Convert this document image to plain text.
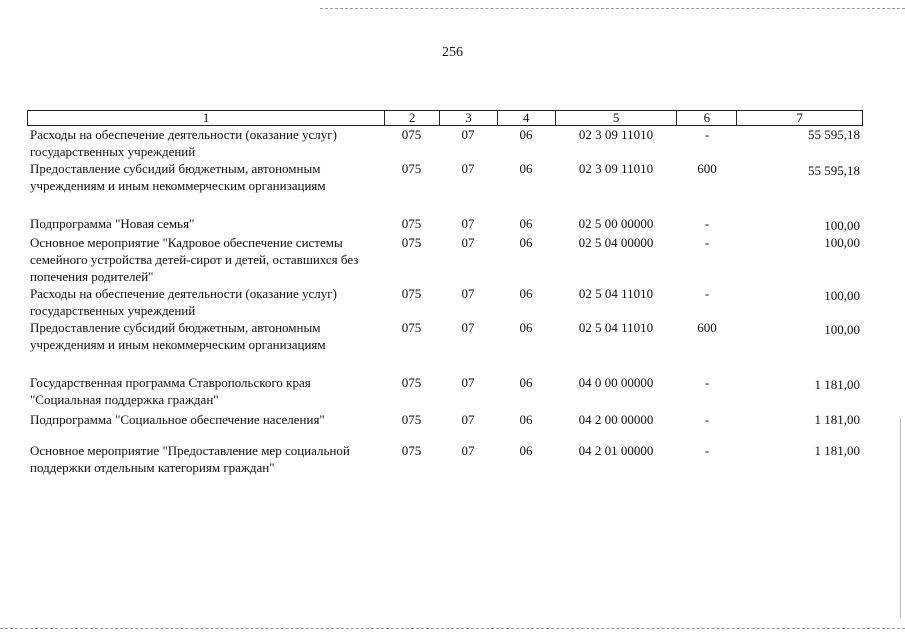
256
1	2	3	4	5	6	7
Расходы на обеспечение деятельности (оказание услуг) государственных учреждений
075	07	06	02 3 09 11010	-	55 595,18
Предоставление субсидий бюджетным, автономным учреждениям и иным некоммерческим организациям
075	07	06	02 3 09 11010	600	55 595,18
Подпрограмма "Новая семья"	075	07	06	02 5 00 00000	-	100,00
Основное мероприятие "Кадровое обеспечение системы семейного устройства детей-сирот и детей, оставшихся без попечения родителей"
075	07	06	02 5 04 00000	-	100,00
Расходы на обеспечение деятельности (оказание услуг) государственных учреждений
075	07	06	02 5 04 11010	-	100,00
Предоставление субсидий бюджетным, автономным учреждениям и иным некоммерческим организациям
075	07	06	02 5 04 11010	600	100,00
Государственная программа Ставропольского края "Социальная поддержка граждан"
075	07	06	04 0 00 00000	-	1 181,00
Подпрограмма "Социальное обеспечение населения"	075	07	06	04 2 00 00000	-	1 181,00
Основное мероприятие "Предоставление мер социальной поддержки отдельным категориям граждан"
075	07	06	04 2 01 00000	-	1 181,00
